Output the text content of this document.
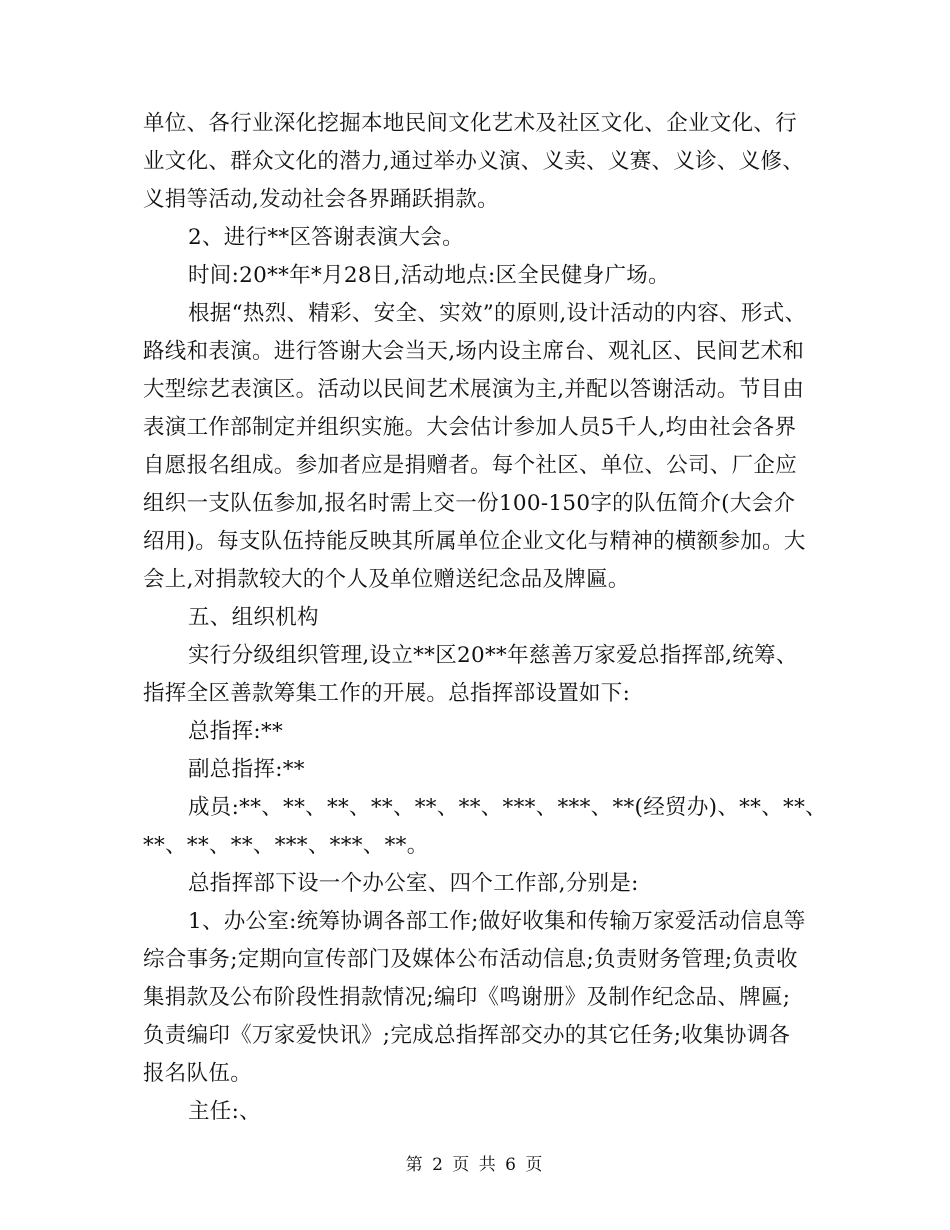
单位、各行业深化挖掘本地民间文化艺术及社区文化、企业文化、行
业文化、群众文化的潜力,通过举办义演、义卖、义赛、义诊、义修、
义捐等活动,发动社会各界踊跃捐款。
2、进行**区答谢表演大会。
时间:20**年*月28日,活动地点:区全民健身广场。
根据“热烈、精彩、安全、实效”的原则,设计活动的内容、形式、
路线和表演。进行答谢大会当天,场内设主席台、观礼区、民间艺术和
大型综艺表演区。活动以民间艺术展演为主,并配以答谢活动。节目由
表演工作部制定并组织实施。大会估计参加人员5千人,均由社会各界
自愿报名组成。参加者应是捐赠者。每个社区、单位、公司、厂企应
组织一支队伍参加,报名时需上交一份100-150字的队伍简介(大会介
绍用)。每支队伍持能反映其所属单位企业文化与精神的横额参加。大
会上,对捐款较大的个人及单位赠送纪念品及牌匾。
五、组织机构
实行分级组织管理,设立**区20**年慈善万家爱总指挥部,统筹、
指挥全区善款筹集工作的开展。总指挥部设置如下:
总指挥:**
副总指挥:**
成员:**、**、**、**、**、**、***、***、**(经贸办)、**、**、
**、**、**、***、***、**。
总指挥部下设一个办公室、四个工作部,分别是:
1、办公室:统筹协调各部工作;做好收集和传输万家爱活动信息等
综合事务;定期向宣传部门及媒体公布活动信息;负责财务管理;负责收
集捐款及公布阶段性捐款情况;编印《鸣谢册》及制作纪念品、牌匾;
负责编印《万家爱快讯》;完成总指挥部交办的其它任务;收集协调各
报名队伍。
主任:、
第 2 页 共 6 页
